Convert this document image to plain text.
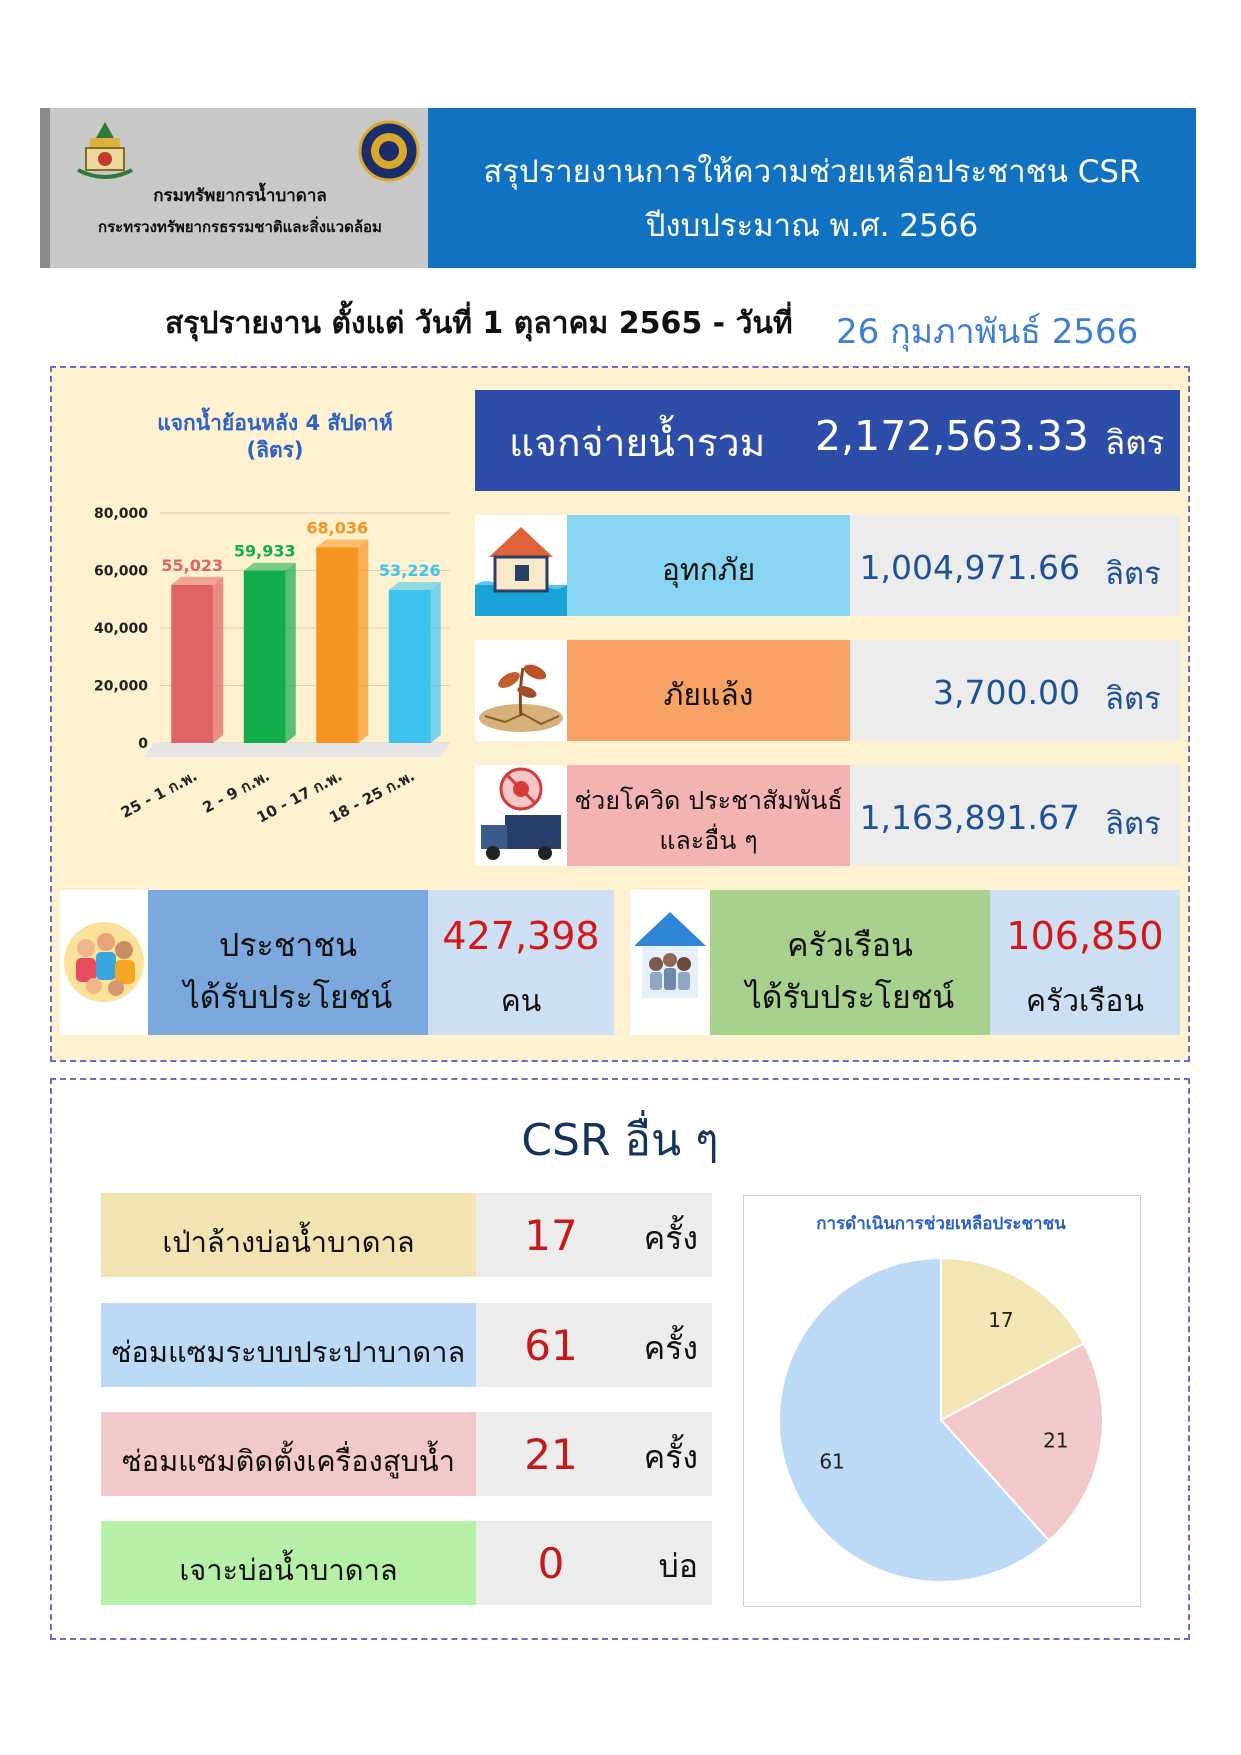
กรมทรัพยากรน้ำบาดาล
กระทรวงทรัพยากรธรรมชาติและสิ่งแวดล้อม
สรุปรายงานการให้ความช่วยเหลือประชาชน CSR
ปีงบประมาณ พ.ศ. 2566
สรุปรายงาน ตั้งแต่ วันที่ 1 ตุลาคม 2565 - วันที่ 26 กุมภาพันธ์ 2566
แจกน้ำย้อนหลัง 4 สัปดาห์
(ลิตร)
0
20,000
40,000
60,000
80,000
55,023
25 - 1 ก.พ.
59,933
2 - 9 ก.พ.
68,036
10 - 17 ก.พ.
53,226
18 - 25 ก.พ.
แจกจ่ายน้ำรวม 2,172,563.33 ลิตร
อุทกภัย	1,004,971.66 ลิตร
ภัยแล้ง	3,700.00 ลิตร
ช่วยโควิด ประชาสัมพันธ์
และอื่น ๆ
1,163,891.67 ลิตร
ประชาชน
ได้รับประโยชน์
427,398
คน
ครัวเรือน
ได้รับประโยชน์
106,850
ครัวเรือน
CSR อื่น ๆ
เป่าล้างบ่อน้ำบาดาล	17	ครั้ง
ซ่อมแซมระบบประปาบาดาล	61	ครั้ง
ซ่อมแซมติดตั้งเครื่องสูบน้ำ	21	ครั้ง
เจาะบ่อน้ำบาดาล	0	บ่อ
การดำเนินการช่วยเหลือประชาชน
17
21
61
